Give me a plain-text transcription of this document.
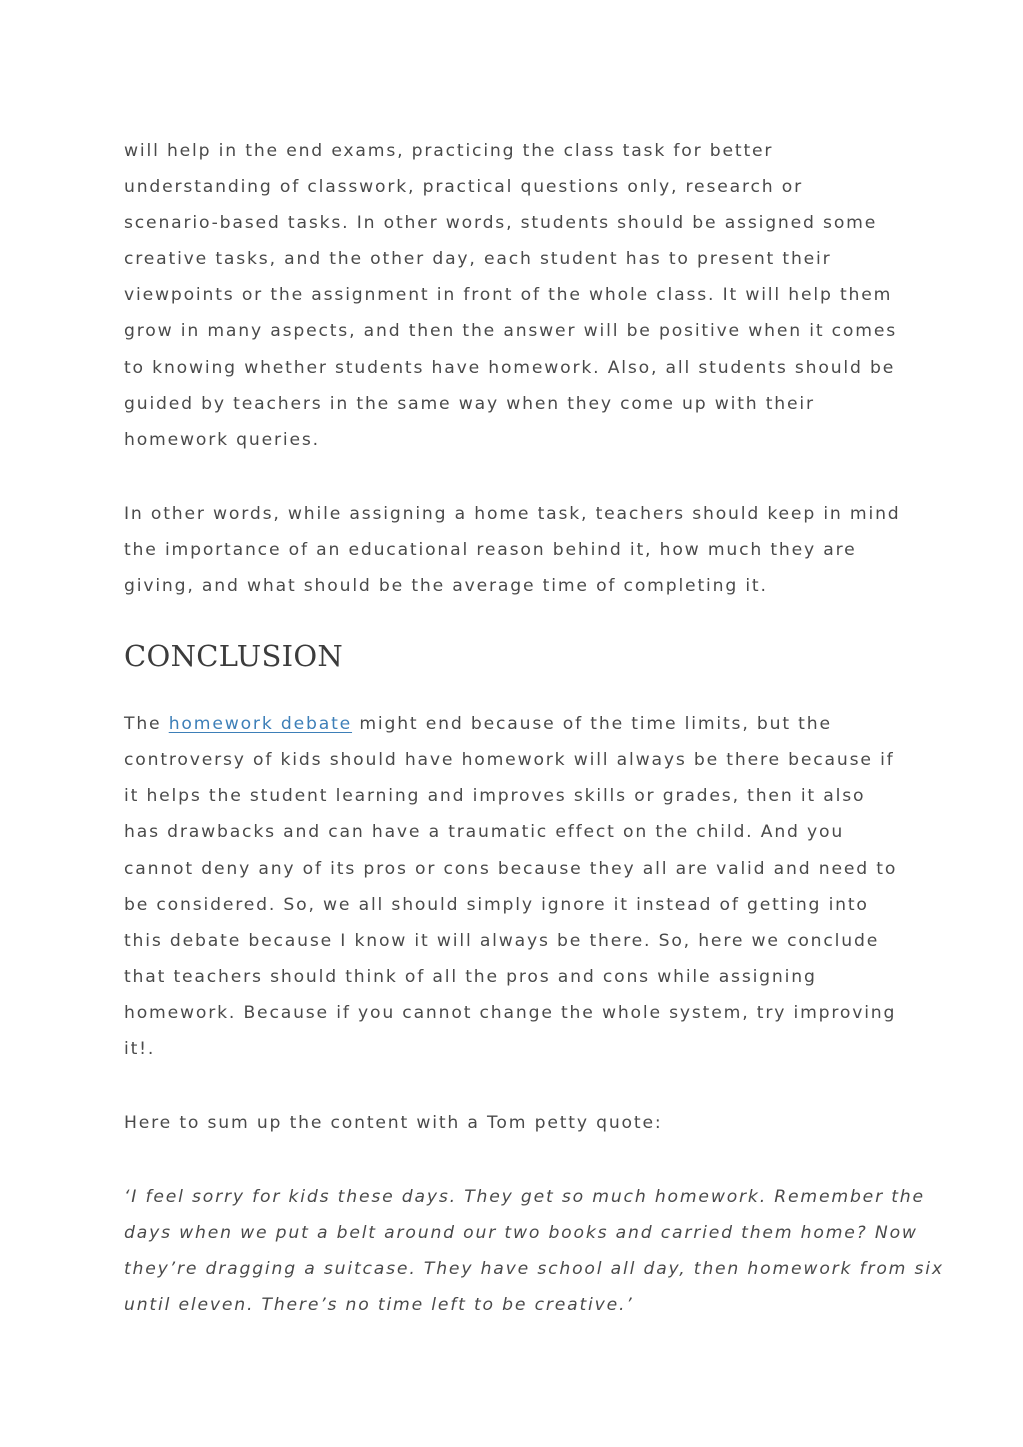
will help in the end exams, practicing the class task for better
understanding of classwork, practical questions only, research or
scenario-based tasks. In other words, students should be assigned some
creative tasks, and the other day, each student has to present their
viewpoints or the assignment in front of the whole class. It will help them
grow in many aspects, and then the answer will be positive when it comes
to knowing whether students have homework. Also, all students should be
guided by teachers in the same way when they come up with their
homework queries.

In other words, while assigning a home task, teachers should keep in mind
the importance of an educational reason behind it, how much they are
giving, and what should be the average time of completing it.

CONCLUSION

The homework debate might end because of the time limits, but the
controversy of kids should have homework will always be there because if
it helps the student learning and improves skills or grades, then it also
has drawbacks and can have a traumatic effect on the child. And you
cannot deny any of its pros or cons because they all are valid and need to
be considered. So, we all should simply ignore it instead of getting into
this debate because I know it will always be there. So, here we conclude
that teachers should think of all the pros and cons while assigning
homework. Because if you cannot change the whole system, try improving
it!.

Here to sum up the content with a Tom petty quote:

‘I feel sorry for kids these days. They get so much homework. Remember the
days when we put a belt around our two books and carried them home? Now
they’re dragging a suitcase. They have school all day, then homework from six
until eleven. There’s no time left to be creative.’
